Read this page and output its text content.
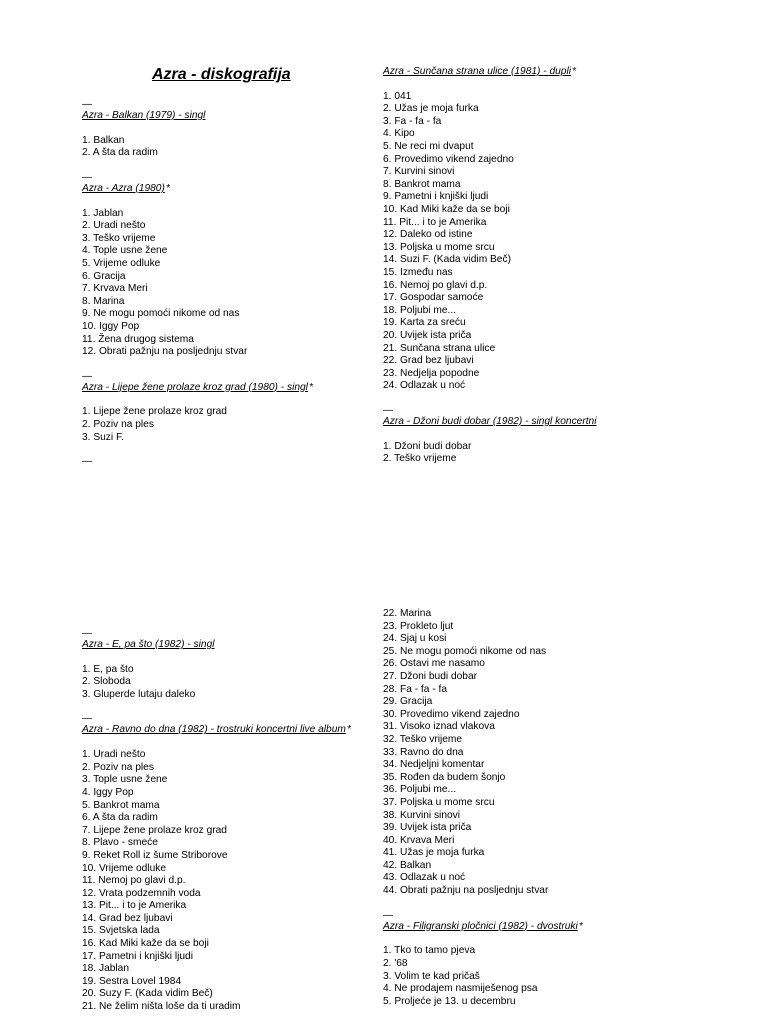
Azra - diskografija
—
Azra - Balkan (1979) - singl
1. Balkan
2. A šta da radim
—
Azra - Azra (1980)*
1. Jablan
2. Uradi nešto
3. Teško vrijeme
4. Tople usne žene
5. Vrijeme odluke
6. Gracija
7. Krvava Meri
8. Marina
9. Ne mogu pomoći nikome od nas
10. Iggy Pop
11. Žena drugog sistema
12. Obrati pažnju na posljednju stvar
—
Azra - Lijepe žene prolaze kroz grad (1980) - singl*
1. Lijepe žene prolaze kroz grad
2. Poziv na ples
3. Suzi F.
—
Azra - Sunčana strana ulice (1981) - dupli*
1. 041
2. Užas je moja furka
3. Fa - fa - fa
4. Kipo
5. Ne reci mi dvaput
6. Provedimo vikend zajedno
7. Kurvini sinovi
8. Bankrot mama
9. Pametni i knjiški ljudi
10. Kad Miki kaže da se boji
11. Pit... i to je Amerika
12. Daleko od istine
13. Poljska u mome srcu
14. Suzi F. (Kada vidim Beč)
15. Između nas
16. Nemoj po glavi d.p.
17. Gospodar samoće
18. Poljubi me...
19. Karta za sreću
20. Uvijek ista priča
21. Sunčana strana ulice
22. Grad bez ljubavi
23. Nedjelja popodne
24. Odlazak u noć
—
Azra - Džoni budi dobar (1982) - singl koncertni
1. Džoni budi dobar
2. Teško vrijeme
—
Azra - E, pa što (1982) - singl
1. E, pa što
2. Sloboda
3. Gluperde lutaju daleko
—
Azra - Ravno do dna (1982) - trostruki koncertni live album*
1. Uradi nešto
2. Poziv na ples
3. Tople usne žene
4. Iggy Pop
5. Bankrot mama
6. A šta da radim
7. Lijepe žene prolaze kroz grad
8. Plavo - smeće
9. Reket Roll iz šume Striborove
10. Vrijeme odluke
11. Nemoj po glavi d.p.
12. Vrata podzemnih voda
13. Pit... i to je Amerika
14. Grad bez ljubavi
15. Svjetska lada
16. Kad Miki kaže da se boji
17. Pametni i knjiški ljudi
18. Jablan
19. Sestra Lovel 1984
20. Suzy F. (Kada vidim Beč)
21. Ne želim ništa loše da ti uradim
22. Marina
23. Prokleto ljut
24. Sjaj u kosi
25. Ne mogu pomoći nikome od nas
26. Ostavi me nasamo
27. Džoni budi dobar
28. Fa - fa - fa
29. Gracija
30. Provedimo vikend zajedno
31. Visoko iznad vlakova
32. Teško vrijeme
33. Ravno do dna
34. Nedjeljni komentar
35. Rođen da budem šonjo
36. Poljubi me...
37. Poljska u mome srcu
38. Kurvini sinovi
39. Uvijek ista priča
40. Krvava Meri
41. Užas je moja furka
42. Balkan
43. Odlazak u noć
44. Obrati pažnju na posljednju stvar
—
Azra - Filigranski pločnici (1982) - dvostruki*
1. Tko to tamo pjeva
2. '68
3. Volim te kad pričaš
4. Ne prodajem nasmiješenog psa
5. Proljeće je 13. u decembru
